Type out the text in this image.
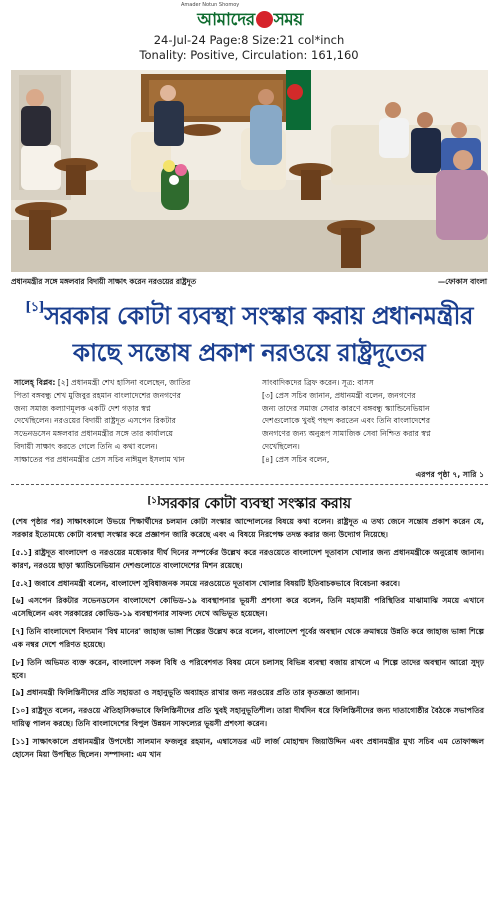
Amader Notun Shomoy
আমাদের সময়
24-Jul-24 Page:8 Size:21 col*inch
Tonality: Positive, Circulation: 161,160
প্রধানমন্ত্রীর সঙ্গে মঙ্গলবার বিদায়ী সাক্ষাৎ করেন নরওয়ের রাষ্ট্রদূত	—ফোকাস বাংলা
[১]সরকার কোটা ব্যবস্থা সংস্কার করায় প্রধানমন্ত্রীর
কাছে সন্তোষ প্রকাশ নরওয়ে রাষ্ট্রদূতের

সালেহ্ বিপ্লব: [২] প্রধানমন্ত্রী শেখ হাসিনা বলেছেন, জাতির

পিতা বঙ্গবন্ধু শেখ মুজিবুর রহমান বাংলাদেশের জনগণের

জন্য সমাজ কল্যাণমূলক একটি দেশ গড়ার স্বপ্ন

দেখেছিলেন। নরওয়ের বিদায়ী রাষ্ট্রদূত এসপেন রিকটার

সভেনডসেন মঙ্গলবার প্রধানমন্ত্রীর সঙ্গে তার কার্যালয়ে

বিদায়ী সাক্ষাৎ করতে গেলে তিনি এ কথা বলেন।

সাক্ষাতের পর প্রধানমন্ত্রীর প্রেস সচিব নাঈমুল ইসলাম খান

সাংবাদিকদের ব্রিফ করেন। সূত্র: বাসস

[৩] প্রেস সচিব জানান, প্রধানমন্ত্রী বলেন, জনগণের

জন্য তাদের সমাজ সেবার কারণে বঙ্গবন্ধু স্ক্যান্ডিনেভিয়ান

দেশগুলোকে খুবই পছন্দ করতেন এবং তিনি বাংলাদেশের

জনগণের জন্য অনুরূপ সামাজিক সেবা নিশ্চিত করার স্বপ্ন

দেখেছিলেন।

[৪] প্রেস সচিব বলেন,

এরপর পৃষ্ঠা ৭, সারি ১
[১]সরকার কোটা ব্যবস্থা সংস্কার করায়

(শেষ পৃষ্ঠার পর) সাক্ষাৎকালে উভয়ে শিক্ষার্থীদের চলমান কোটা সংস্কার আন্দোলনের বিষয়ে কথা বলেন। রাষ্ট্রদূত এ তথ্য জেনে সন্তোষ প্রকাশ করেন যে, সরকার ইতোমধ্যে কোটা ব্যবস্থা সংস্কার করে প্রজ্ঞাপন জারি করেছে এবং এ বিষয়ে নিরপেক্ষ তদন্ত করার জন্য উদ্যোগ নিয়েছে।

[৫.১] রাষ্ট্রদূত বাংলাদেশ ও নরওয়ের মধ্যেকার দীর্ঘ দিনের সম্পর্কের উল্লেখ করে নরওয়েতে বাংলাদেশ দূতাবাস খোলার জন্য প্রধানমন্ত্রীকে অনুরোধ জানান। কারণ, নরওয়ে ছাড়া স্ক্যান্ডিনেভিয়ান দেশগুলোতে বাংলাদেশের মিশন রয়েছে।

[৫.২] জবাবে প্রধানমন্ত্রী বলেন, বাংলাদেশ সুবিধাজনক সময়ে নরওয়েতে দূতাবাস খোলার বিষয়টি ইতিবাচকভাবে বিবেচনা করবে।

[৬] এসপেন রিকটার সভেনডসেন বাংলাদেশে কোভিড-১৯ ব্যবস্থাপনার ভূয়সী প্রশংসা করে বলেন, তিনি মহামারী পরিস্থিতির মাঝামাঝি সময়ে এখানে এসেছিলেন এবং সরকারের কোভিড-১৯ ব্যবস্থাপনার সাফল্য দেখে অভিভূত হয়েছেন।

[৭] তিনি বাংলাদেশে বিদ্যমান 'বিশ্ব মানের' জাহাজ ভাঙ্গা শিল্পের উল্লেখ করে বলেন, বাংলাদেশ পূর্বের অবস্থান থেকে ক্রমান্বয়ে উন্নতি করে জাহাজ ভাঙ্গা শিল্পে এক নম্বর দেশে পরিণত হয়েছে।

[৮] তিনি অভিমত ব্যক্ত করেন, বাংলাদেশ সকল বিধি ও পরিবেশগত বিষয় মেনে চলাসহ বিভিন্ন ব্যবস্থা বজায় রাখলে এ শিল্পে তাদের অবস্থান আরো সুদৃঢ় হবে।

[৯] প্রধানমন্ত্রী ফিলিস্তিনীদের প্রতি সহায়তা ও সহানুভূতি অব্যাহত রাখার জন্য নরওয়ের প্রতি তার কৃতজ্ঞতা জানান।

[১০] রাষ্ট্রদূত বলেন, নরওয়ে ঐতিহাসিকভাবে ফিলিস্তিনীদের প্রতি খুবই সহানুভূতিশীল। তারা দীর্ঘদিন ধরে ফিলিস্তিনীদের জন্য দাতাগোষ্ঠীর বৈঠকে সভাপতির দায়িত্ব পালন করছে। তিনি বাংলাদেশের বিপুল উন্নয়ন সাফল্যের ভূয়সী প্রশংসা করেন।

[১১] সাক্ষাৎকালে প্রধানমন্ত্রীর উপদেষ্টা সালমান ফজলুর রহমান, এম্বাসেডর এট লার্জ মোহাম্মদ জিয়াউদ্দিন এবং প্রধানমন্ত্রীর মুখ্য সচিব এম তোফাজ্জল হোসেন মিয়া উপস্থিত ছিলেন। সম্পাদনা: এম খান
